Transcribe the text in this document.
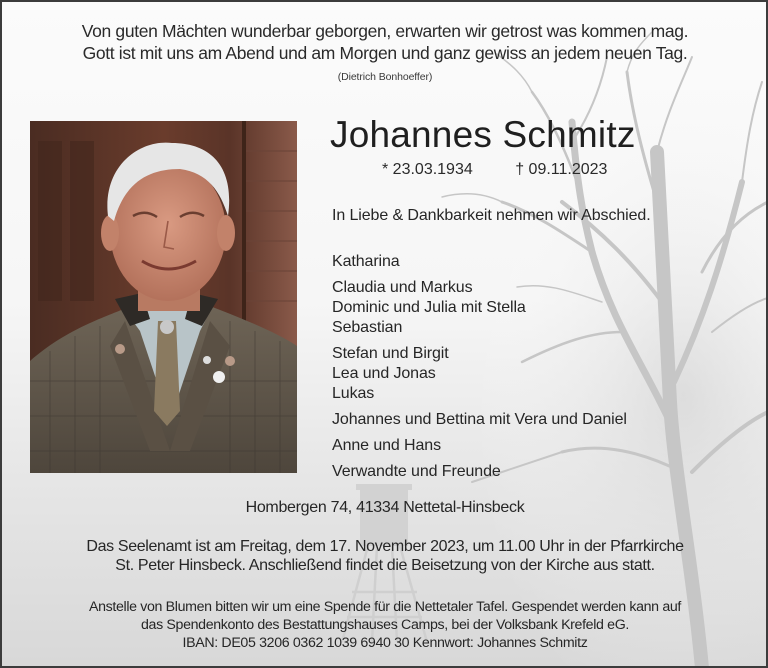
Von guten Mächten wunderbar geborgen, erwarten wir getrost was kommen mag.
Gott ist mit uns am Abend und am Morgen und ganz gewiss an jedem neuen Tag.
(Dietrich Bonhoeffer)
Johannes Schmitz
* 23.03.1934	† 09.11.2023
In Liebe & Dankbarkeit nehmen wir Abschied.
Katharina
Claudia und Markus
Dominic und Julia mit Stella
Sebastian
Stefan und Birgit
Lea und Jonas
Lukas
Johannes und Bettina mit Vera und Daniel
Anne und Hans
Verwandte und Freunde
Hombergen 74, 41334 Nettetal-Hinsbeck
Das Seelenamt ist am Freitag, dem 17. November 2023, um 11.00 Uhr in der Pfarrkirche
St. Peter Hinsbeck. Anschließend findet die Beisetzung von der Kirche aus statt.
Anstelle von Blumen bitten wir um eine Spende für die Nettetaler Tafel. Gespendet werden kann auf
das Spendenkonto des Bestattungshauses Camps, bei der Volksbank Krefeld eG.
IBAN: DE05 3206 0362 1039 6940 30 Kennwort: Johannes Schmitz
